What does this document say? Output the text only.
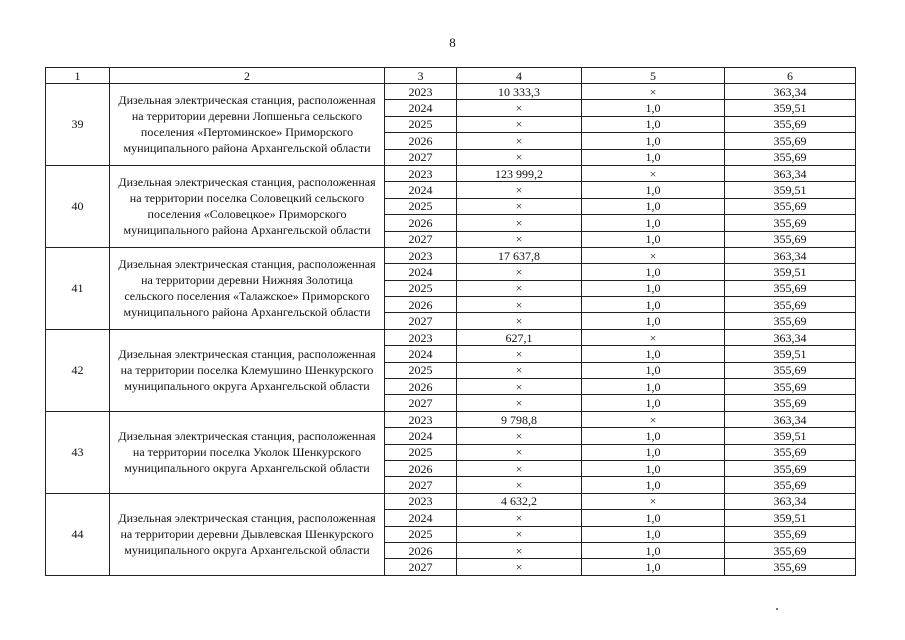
8
1	2	3	4	5	6
39	Дизельная электрическая станция, расположенная на территории деревни Лопшеньга сельского поселения «Пертоминское» Приморского муниципального района Архангельской области	2023	10 333,3	×	363,34
		2024	×	1,0	359,51
		2025	×	1,0	355,69
		2026	×	1,0	355,69
		2027	×	1,0	355,69
40	Дизельная электрическая станция, расположенная на территории поселка Соловецкий сельского поселения «Соловецкое» Приморского муниципального района Архангельской области	2023	123 999,2	×	363,34
		2024	×	1,0	359,51
		2025	×	1,0	355,69
		2026	×	1,0	355,69
		2027	×	1,0	355,69
41	Дизельная электрическая станция, расположенная на территории деревни Нижняя Золотица сельского поселения «Талажское» Приморского муниципального района Архангельской области	2023	17 637,8	×	363,34
		2024	×	1,0	359,51
		2025	×	1,0	355,69
		2026	×	1,0	355,69
		2027	×	1,0	355,69
42	Дизельная электрическая станция, расположенная на территории поселка Клемушино Шенкурского муниципального округа Архангельской области	2023	627,1	×	363,34
		2024	×	1,0	359,51
		2025	×	1,0	355,69
		2026	×	1,0	355,69
		2027	×	1,0	355,69
43	Дизельная электрическая станция, расположенная на территории поселка Уколок Шенкурского муниципального округа Архангельской области	2023	9 798,8	×	363,34
		2024	×	1,0	359,51
		2025	×	1,0	355,69
		2026	×	1,0	355,69
		2027	×	1,0	355,69
44	Дизельная электрическая станция, расположенная на территории деревни Дывлевская Шенкурского муниципального округа Архангельской области	2023	4 632,2	×	363,34
		2024	×	1,0	359,51
		2025	×	1,0	355,69
		2026	×	1,0	355,69
		2027	×	1,0	355,69
